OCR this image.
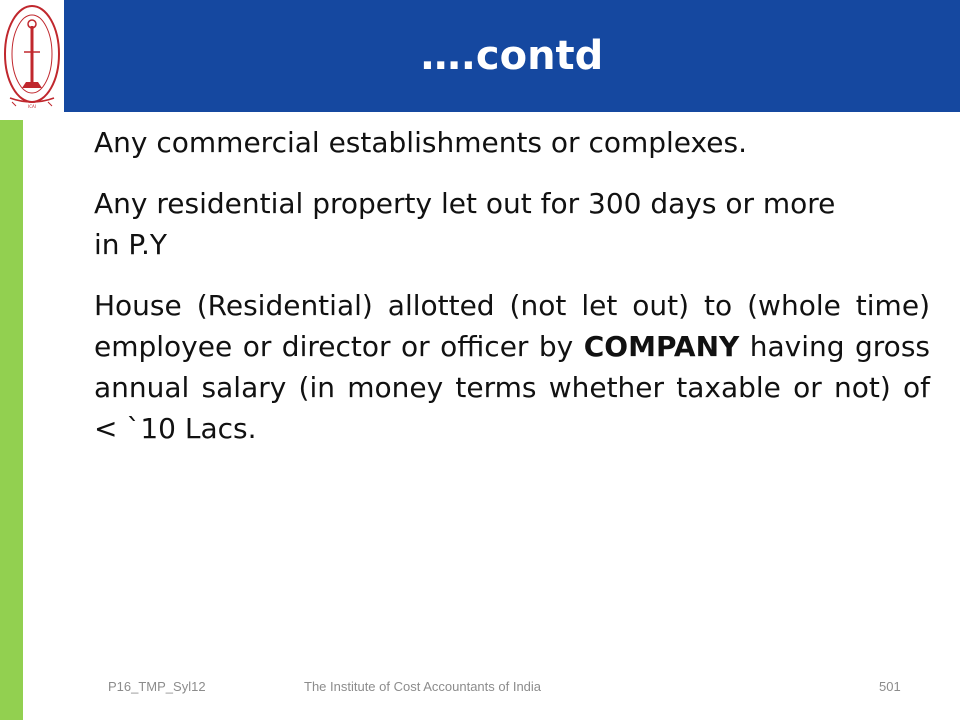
ICAI
….contd

Any commercial establishments or complexes.

Any residential property let out for 300 days or more
in P.Y

House (Residential) allotted (not let out) to (whole time) employee or director or officer by COMPANY having gross annual salary (in money terms whether taxable or not) of < `10 Lacs.

P16_TMP_Syl12	The Institute of Cost Accountants of India	501
